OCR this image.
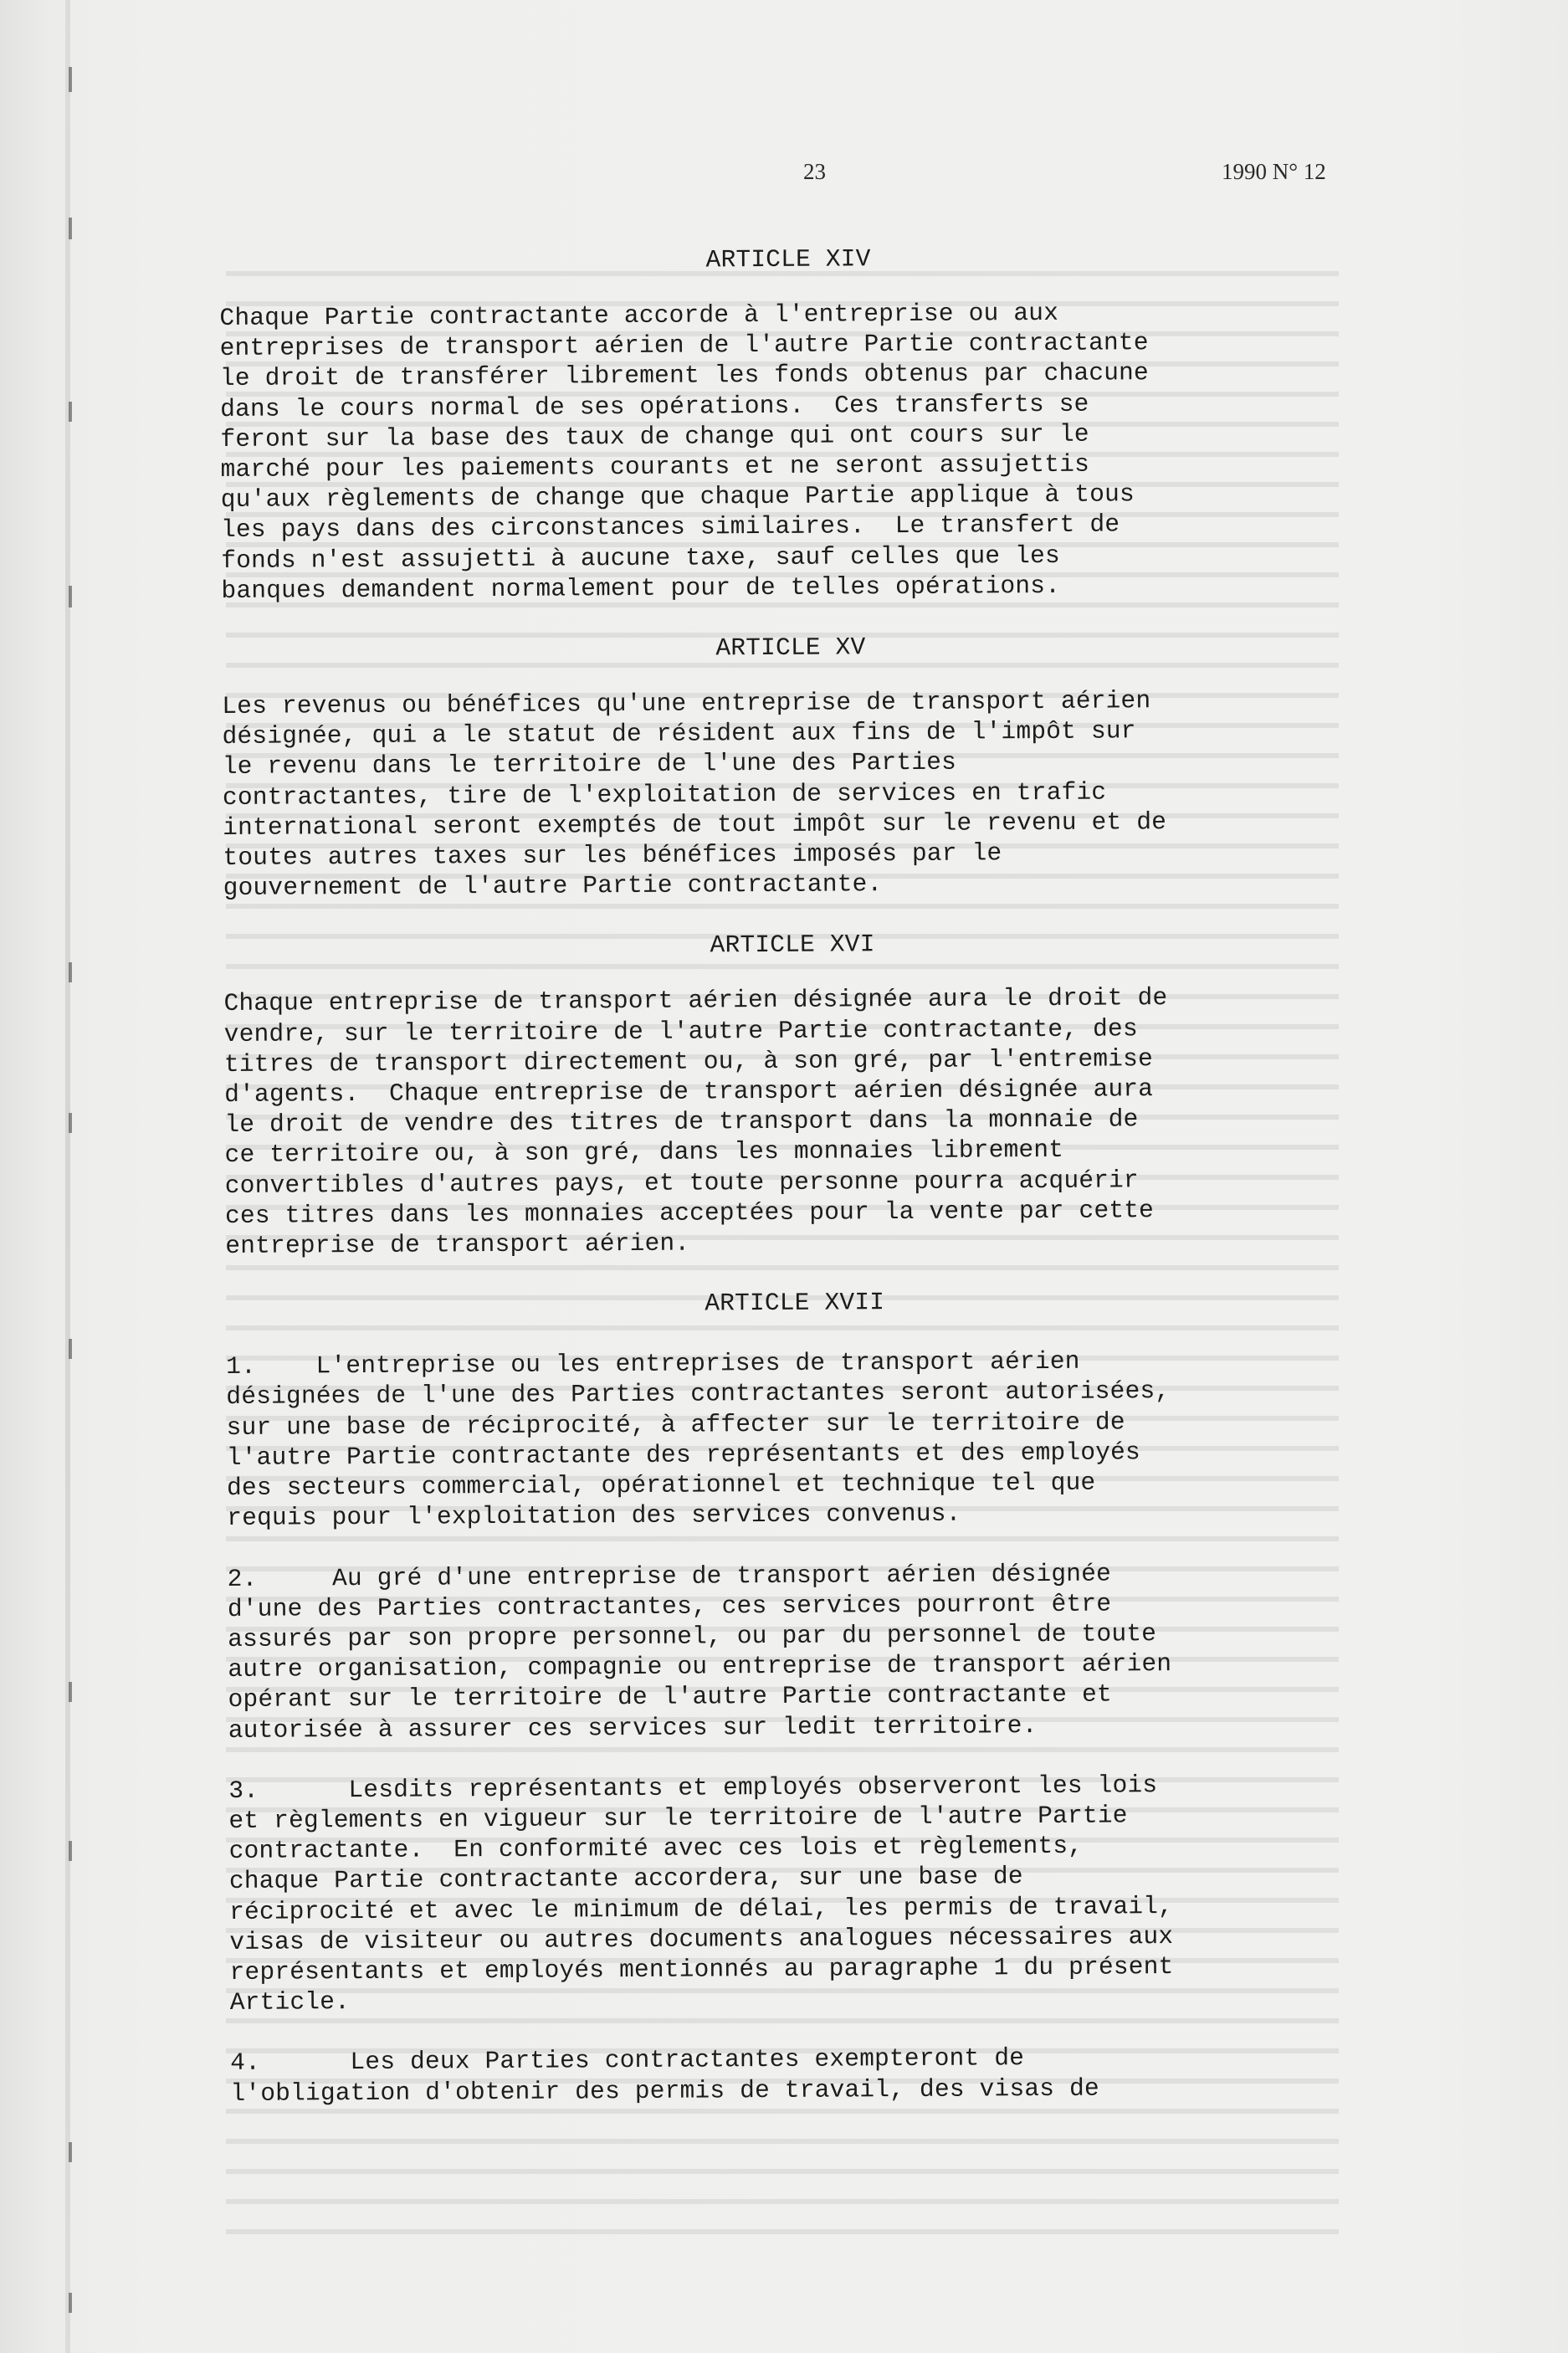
23	1990 N° 12
ARTICLE XIV

Chaque Partie contractante accorde à l'entreprise ou aux
entreprises de transport aérien de l'autre Partie contractante
le droit de transférer librement les fonds obtenus par chacune
dans le cours normal de ses opérations.  Ces transferts se
feront sur la base des taux de change qui ont cours sur le
marché pour les paiements courants et ne seront assujettis
qu'aux règlements de change que chaque Partie applique à tous
les pays dans des circonstances similaires.  Le transfert de
fonds n'est assujetti à aucune taxe, sauf celles que les
banques demandent normalement pour de telles opérations.

ARTICLE XV

Les revenus ou bénéfices qu'une entreprise de transport aérien
désignée, qui a le statut de résident aux fins de l'impôt sur
le revenu dans le territoire de l'une des Parties
contractantes, tire de l'exploitation de services en trafic
international seront exemptés de tout impôt sur le revenu et de
toutes autres taxes sur les bénéfices imposés par le
gouvernement de l'autre Partie contractante.

ARTICLE XVI

Chaque entreprise de transport aérien désignée aura le droit de
vendre, sur le territoire de l'autre Partie contractante, des
titres de transport directement ou, à son gré, par l'entremise
d'agents.  Chaque entreprise de transport aérien désignée aura
le droit de vendre des titres de transport dans la monnaie de
ce territoire ou, à son gré, dans les monnaies librement
convertibles d'autres pays, et toute personne pourra acquérir
ces titres dans les monnaies acceptées pour la vente par cette
entreprise de transport aérien.

ARTICLE XVII

1.    L'entreprise ou les entreprises de transport aérien
désignées de l'une des Parties contractantes seront autorisées,
sur une base de réciprocité, à affecter sur le territoire de
l'autre Partie contractante des représentants et des employés
des secteurs commercial, opérationnel et technique tel que
requis pour l'exploitation des services convenus.

2.     Au gré d'une entreprise de transport aérien désignée
d'une des Parties contractantes, ces services pourront être
assurés par son propre personnel, ou par du personnel de toute
autre organisation, compagnie ou entreprise de transport aérien
opérant sur le territoire de l'autre Partie contractante et
autorisée à assurer ces services sur ledit territoire.

3.      Lesdits représentants et employés observeront les lois
et règlements en vigueur sur le territoire de l'autre Partie
contractante.  En conformité avec ces lois et règlements,
chaque Partie contractante accordera, sur une base de
réciprocité et avec le minimum de délai, les permis de travail,
visas de visiteur ou autres documents analogues nécessaires aux
représentants et employés mentionnés au paragraphe 1 du présent
Article.

4.      Les deux Parties contractantes exempteront de
l'obligation d'obtenir des permis de travail, des visas de
